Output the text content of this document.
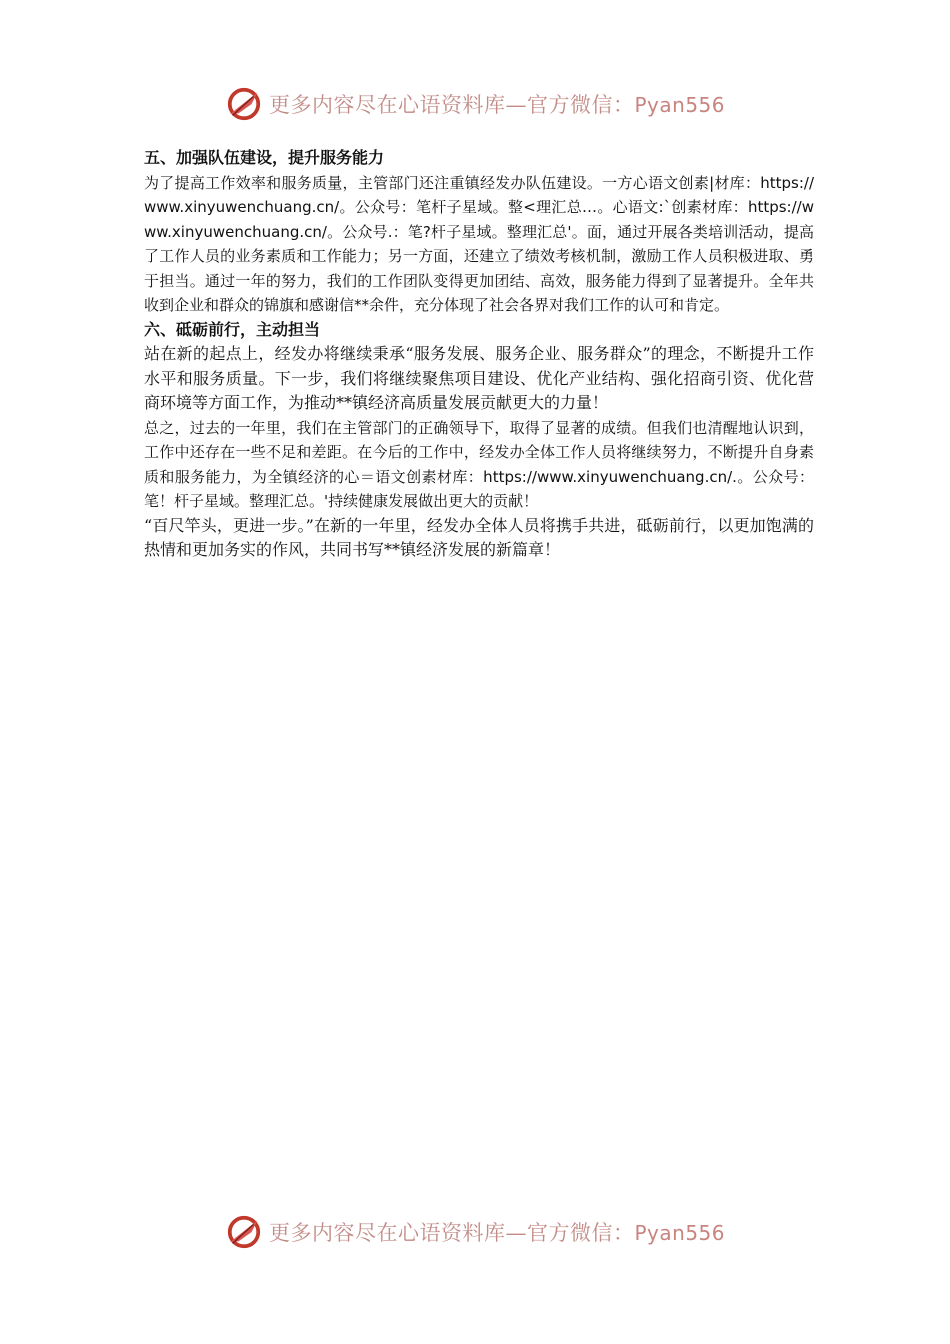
更多内容尽在心语资料库—官方微信：Pyan556

五、加强队伍建设，提升服务能力

为了提高工作效率和服务质量，主管部门还注重镇经发办队伍建设。一方心语文创素|材库：https://www.xinyuwenchuang.cn/。公众号：笔杆子星域。整<理汇总…。心语文:`创素材库：https://www.xinyuwenchuang.cn/。公众号.：笔?杆子星域。整理汇总'。面，通过开展各类培训活动，提高了工作人员的业务素质和工作能力；另一方面，还建立了绩效考核机制，激励工作人员积极进取、勇于担当。通过一年的努力，我们的工作团队变得更加团结、高效，服务能力得到了显著提升。全年共收到企业和群众的锦旗和感谢信**余件，充分体现了社会各界对我们工作的认可和肯定。

六、砥砺前行，主动担当

站在新的起点上，经发办将继续秉承“服务发展、服务企业、服务群众”的理念，不断提升工作水平和服务质量。下一步，我们将继续聚焦项目建设、优化产业结构、强化招商引资、优化营商环境等方面工作，为推动**镇经济高质量发展贡献更大的力量！

总之，过去的一年里，我们在主管部门的正确领导下，取得了显著的成绩。但我们也清醒地认识到，工作中还存在一些不足和差距。在今后的工作中，经发办全体工作人员将继续努力，不断提升自身素质和服务能力，为全镇经济的心＝语文创素材库：https://www.xinyuwenchuang.cn/.。公众号：笔！杆子星域。整理汇总。'持续健康发展做出更大的贡献！

“百尺竿头，更进一步。”在新的一年里，经发办全体人员将携手共进，砥砺前行，以更加饱满的热情和更加务实的作风，共同书写**镇经济发展的新篇章！

更多内容尽在心语资料库—官方微信：Pyan556
